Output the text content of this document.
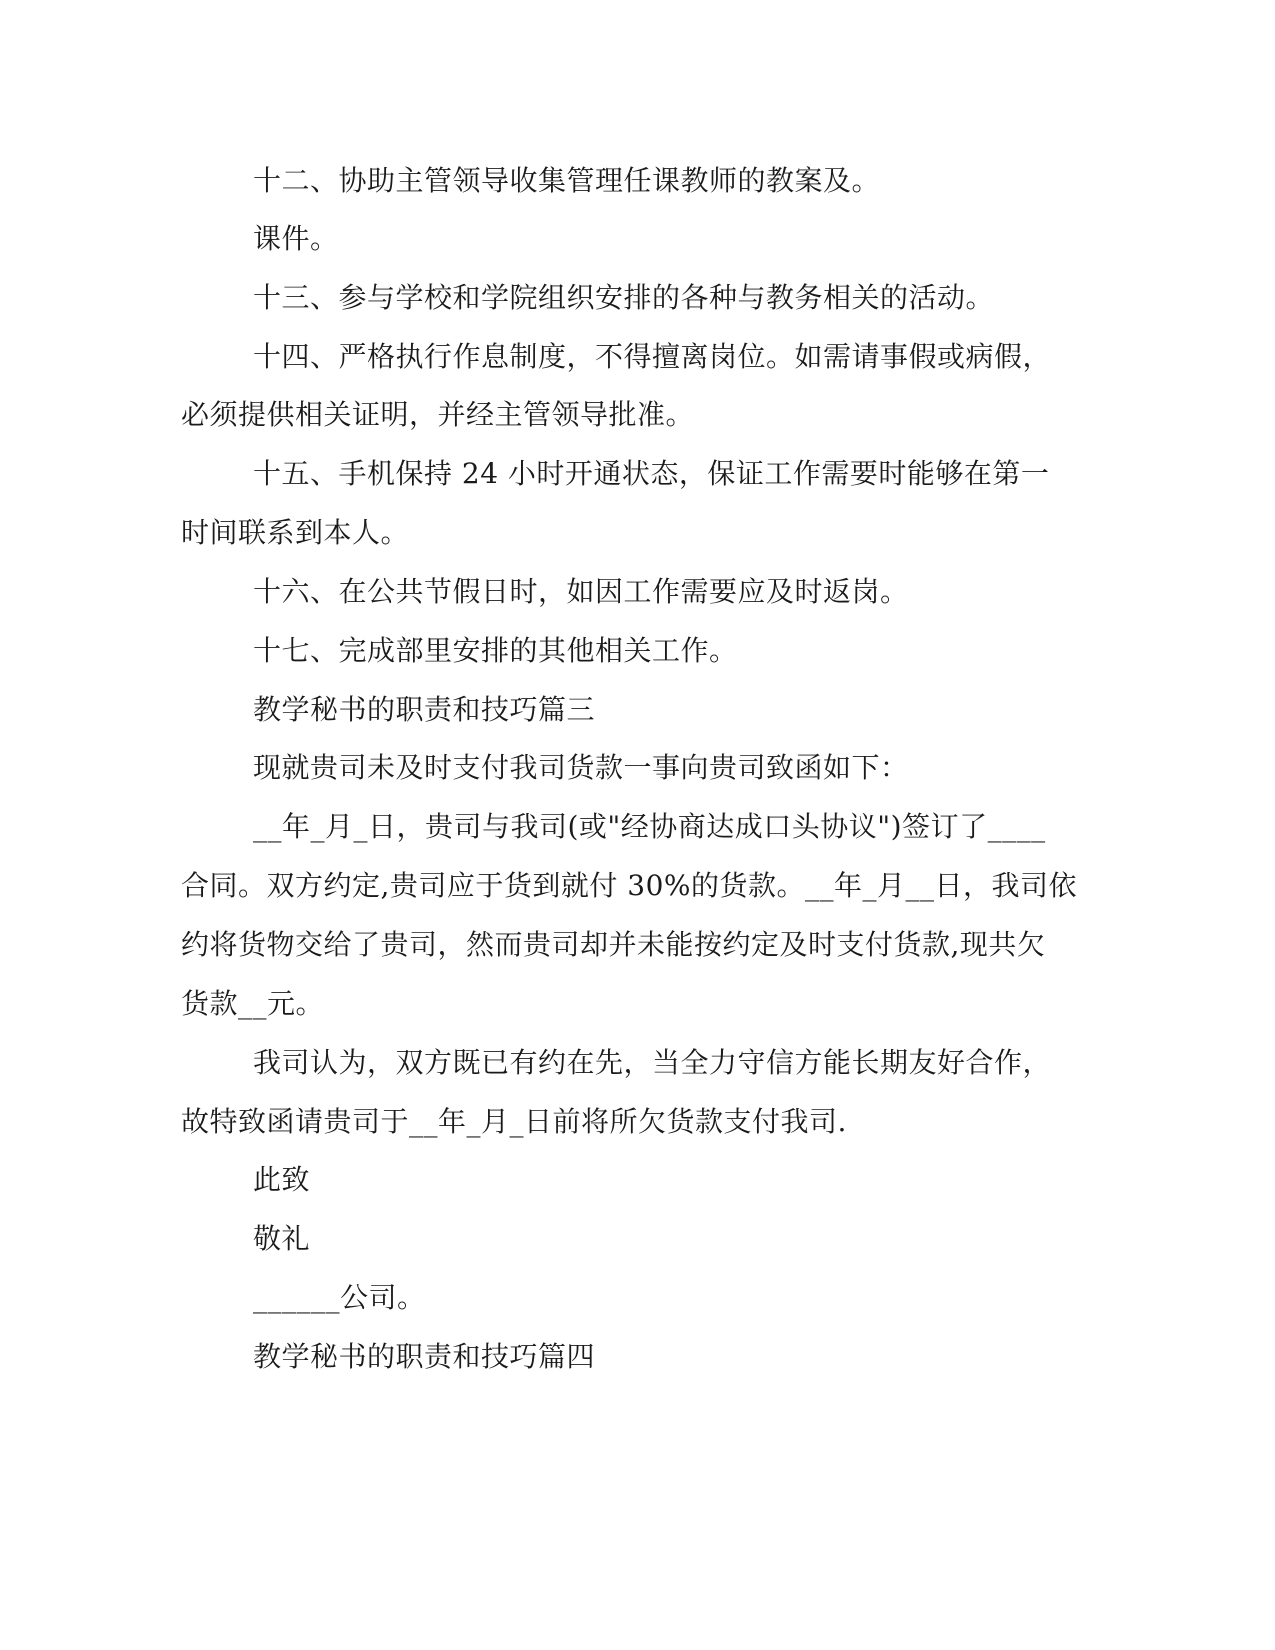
十二、协助主管领导收集管理任课教师的教案及。
课件。
十三、参与学校和学院组织安排的各种与教务相关的活动。
十四、严格执行作息制度，不得擅离岗位。如需请事假或病假，
必须提供相关证明，并经主管领导批准。
十五、手机保持 24 小时开通状态，保证工作需要时能够在第一
时间联系到本人。
十六、在公共节假日时，如因工作需要应及时返岗。
十七、完成部里安排的其他相关工作。
教学秘书的职责和技巧篇三
现就贵司未及时支付我司货款一事向贵司致函如下：
__年_月_日，贵司与我司(或"经协商达成口头协议")签订了____
合同。双方约定,贵司应于货到就付 30%的货款。__年_月__日，我司依
约将货物交给了贵司，然而贵司却并未能按约定及时支付货款,现共欠
货款__元。
我司认为，双方既已有约在先，当全力守信方能长期友好合作，
故特致函请贵司于__年_月_日前将所欠货款支付我司.
此致
敬礼
______公司。
教学秘书的职责和技巧篇四
